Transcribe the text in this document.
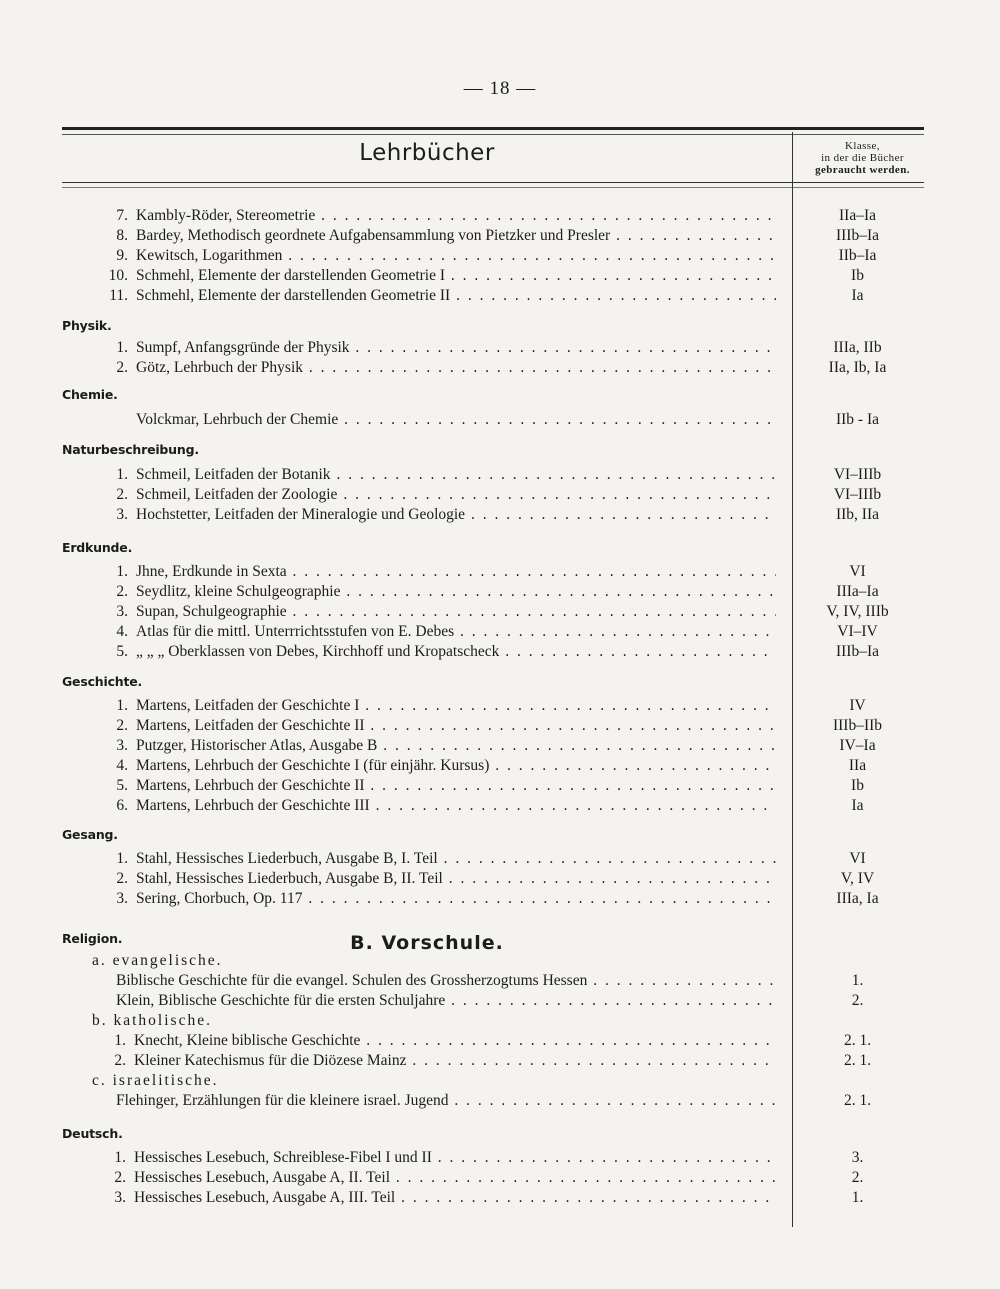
— 18 —
Lehrbücher	Klasse,
in der die Bücher
gebraucht werden.
7. Kambly-Röder, Stereometrie . . .	IIa–Ia
8. Bardey, Methodisch geordnete Aufgabensammlung von Pietzker und Presler . . .	IIIb–Ia
9. Kewitsch, Logarithmen . . .	IIb–Ia
10. Schmehl, Elemente der darstellenden Geometrie I . . .	Ib
11. Schmehl, Elemente der darstellenden Geometrie II . . .	Ia
Physik.
1. Sumpf, Anfangsgründe der Physik . . .	IIIa, IIb
2. Götz, Lehrbuch der Physik . . .	IIa, Ib, Ia
Chemie.
Volckmar, Lehrbuch der Chemie . . .	IIb - Ia
Naturbeschreibung.
1. Schmeil, Leitfaden der Botanik . . .	VI–IIIb
2. Schmeil, Leitfaden der Zoologie . . .	VI–IIIb
3. Hochstetter, Leitfaden der Mineralogie und Geologie . . .	IIb, IIa
Erdkunde.
1. Jhne, Erdkunde in Sexta . . .	VI
2. Seydlitz, kleine Schulgeographie . . .	IIIa–Ia
3. Supan, Schulgeographie . . .	V, IV, IIIb
4. Atlas für die mittl. Unterrrichtsstufen von E. Debes . . .	VI–IV
5. „ „ „ Oberklassen von Debes, Kirchhoff und Kropatscheck . . .	IIIb–Ia
Geschichte.
1. Martens, Leitfaden der Geschichte I . . .	IV
2. Martens, Leitfaden der Geschichte II . . .	IIIb–IIb
3. Putzger, Historischer Atlas, Ausgabe B . . .	IV–Ia
4. Martens, Lehrbuch der Geschichte I (für einjähr. Kursus) . . .	IIa
5. Martens, Lehrbuch der Geschichte II . . .	Ib
6. Martens, Lehrbuch der Geschichte III . . .	Ia
Gesang.
1. Stahl, Hessisches Liederbuch, Ausgabe B, I. Teil . . .	VI
2. Stahl, Hessisches Liederbuch, Ausgabe B, II. Teil . . .	V, IV
3. Sering, Chorbuch, Op. 117 . . .	IIIa, Ia
B. Vorschule.
Religion.
a. evangelische.
Biblische Geschichte für die evangel. Schulen des Grossherzogtums Hessen . . .	1.
Klein, Biblische Geschichte für die ersten Schuljahre . . .	2.
b. katholische.
1. Knecht, Kleine biblische Geschichte . . .	2. 1.
2. Kleiner Katechismus für die Diözese Mainz . . .	2. 1.
c. israelitische.
Flehinger, Erzählungen für die kleinere israel. Jugend . . .	2. 1.
Deutsch.
1. Hessisches Lesebuch, Schreiblese-Fibel I und II . . .	3.
2. Hessisches Lesebuch, Ausgabe A, II. Teil . . .	2.
3. Hessisches Lesebuch, Ausgabe A, III. Teil . . .	1.
